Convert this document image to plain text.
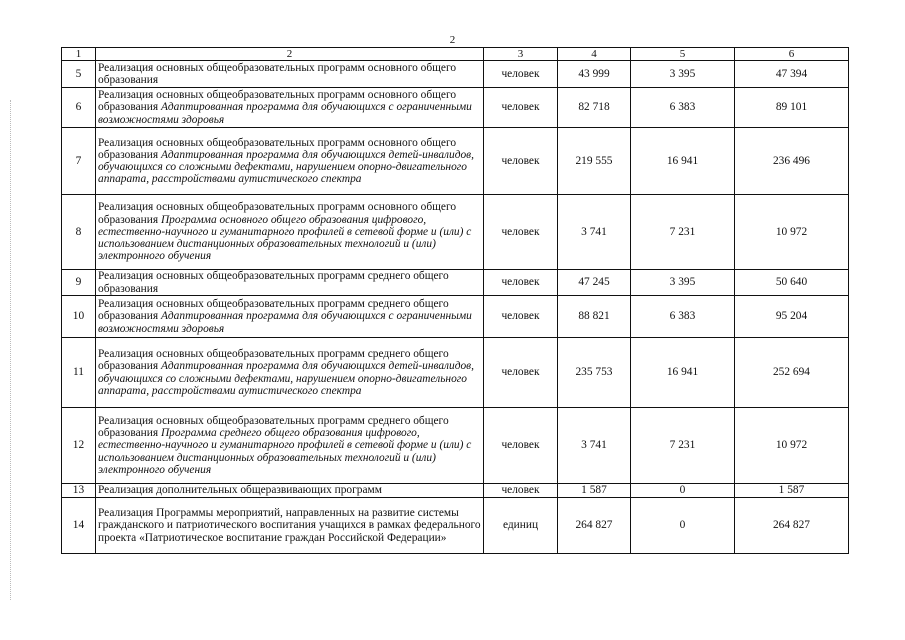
2
1	2	3	4	5	6
5	Реализация основных общеобразовательных программ основного общего образования	человек	43 999	3 395	47 394
6	Реализация основных общеобразовательных программ основного общего образования Адаптированная программа для обучающихся с ограниченными возможностями здоровья	человек	82 718	6 383	89 101
7	Реализация основных общеобразовательных программ основного общего образования Адаптированная программа для обучающихся детей-инвалидов, обучающихся со сложными дефектами, нарушением опорно-двигательного аппарата, расстройствами аутистического спектра	человек	219 555	16 941	236 496
8	Реализация основных общеобразовательных программ основного общего образования Программа основного общего образования цифрового, естественно-научного и гуманитарного профилей в сетевой форме и (или) с использованием дистанционных образовательных технологий и (или) электронного обучения	человек	3 741	7 231	10 972
9	Реализация основных общеобразовательных программ среднего общего образования	человек	47 245	3 395	50 640
10	Реализация основных общеобразовательных программ среднего общего образования Адаптированная программа для обучающихся с ограниченными возможностями здоровья	человек	88 821	6 383	95 204
11	Реализация основных общеобразовательных программ среднего общего образования Адаптированная программа для обучающихся детей-инвалидов, обучающихся со сложными дефектами, нарушением опорно-двигательного аппарата, расстройствами аутистического спектра	человек	235 753	16 941	252 694
12	Реализация основных общеобразовательных программ среднего общего образования Программа среднего общего образования цифрового, естественно-научного и гуманитарного профилей в сетевой форме и (или) с использованием дистанционных образовательных технологий и (или) электронного обучения	человек	3 741	7 231	10 972
13	Реализация дополнительных общеразвивающих программ	человек	1 587	0	1 587
14	Реализация Программы мероприятий, направленных на развитие системы гражданского и патриотического воспитания учащихся в рамках федерального проекта «Патриотическое воспитание граждан Российской Федерации»	единиц	264 827	0	264 827
